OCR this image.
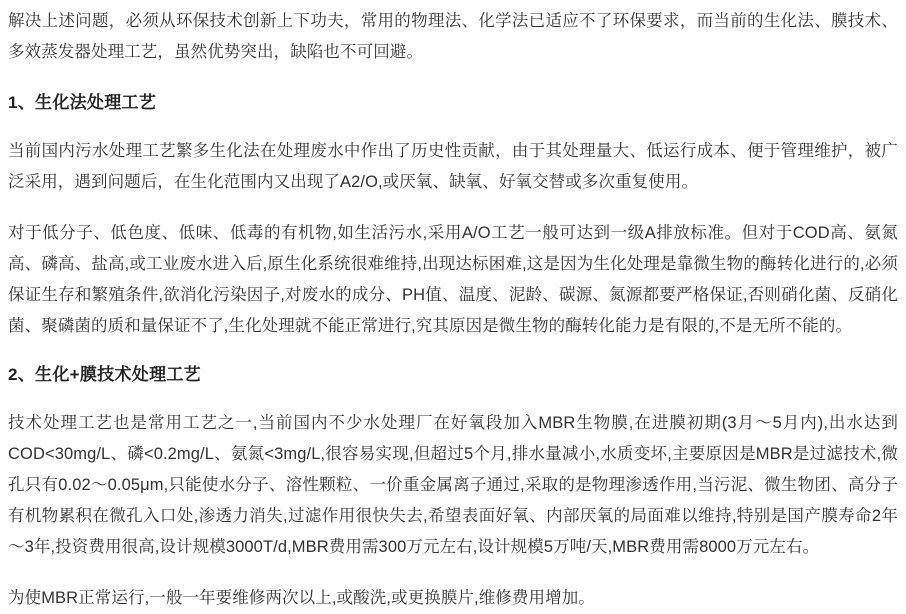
解决上述问题，必须从环保技术创新上下功夫，常用的物理法、化学法已适应不了环保要求，而当前的生化法、膜技术、多效蒸发器处理工艺，虽然优势突出，缺陷也不可回避。

1、生化法处理工艺

当前国内污水处理工艺繁多生化法在处理废水中作出了历史性贡献，由于其处理量大、低运行成本、便于管理维护，被广泛采用，遇到问题后，在生化范围内又出现了A2/O,或厌氧、缺氧、好氧交替或多次重复使用。

对于低分子、低色度、低味、低毒的有机物,如生活污水,采用A/O工艺一般可达到一级A排放标准。但对于COD高、氨氮高、磷高、盐高,或工业废水进入后,原生化系统很难维持,出现达标困难,这是因为生化处理是靠微生物的酶转化进行的,必须保证生存和繁殖条件,欲消化污染因子,对废水的成分、PH值、温度、泥龄、碳源、氮源都要严格保证,否则硝化菌、反硝化菌、聚磷菌的质和量保证不了,生化处理就不能正常进行,究其原因是微生物的酶转化能力是有限的,不是无所不能的。

2、生化+膜技术处理工艺

技术处理工艺也是常用工艺之一,当前国内不少水处理厂在好氧段加入MBR生物膜,在进膜初期(3月～5月内),出水达到COD<30mg/L、磷<0.2mg/L、氨氮<3mg/L,很容易实现,但超过5个月,排水量减小,水质变坏,主要原因是MBR是过滤技术,微孔只有0.02～0.05μm,只能使水分子、溶性颗粒、一价重金属离子通过,采取的是物理渗透作用,当污泥、微生物团、高分子有机物累积在微孔入口处,渗透力消失,过滤作用很快失去,希望表面好氧、内部厌氧的局面难以维持,特别是国产膜寿命2年～3年,投资费用很高,设计规模3000T/d,MBR费用需300万元左右,设计规模5万吨/天,MBR费用需8000万元左右。

为使MBR正常运行,一般一年要维修两次以上,或酸洗,或更换膜片,维修费用增加。
